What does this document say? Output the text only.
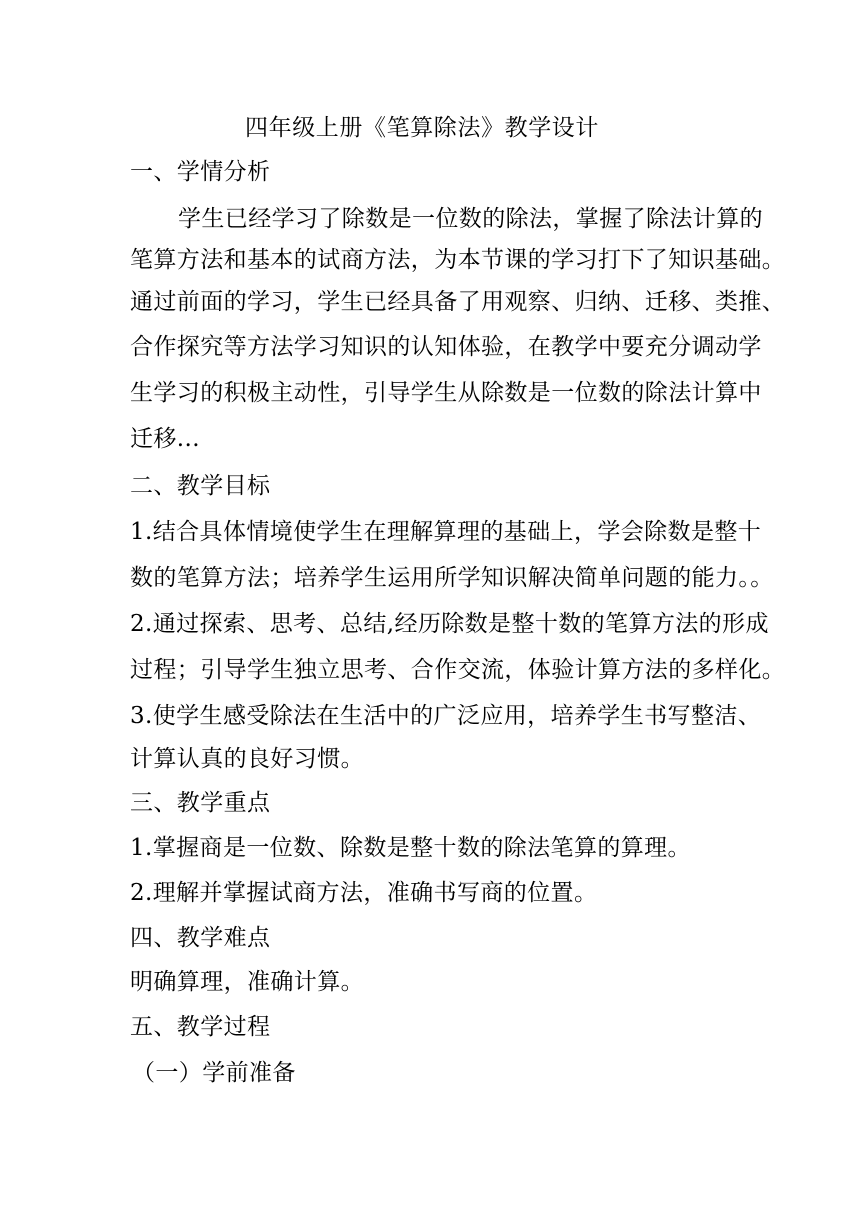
四年级上册《笔算除法》教学设计
一、学情分析
学生已经学习了除数是一位数的除法，掌握了除法计算的
笔算方法和基本的试商方法，为本节课的学习打下了知识基础。
通过前面的学习，学生已经具备了用观察、归纳、迁移、类推、
合作探究等方法学习知识的认知体验，在教学中要充分调动学
生学习的积极主动性，引导学生从除数是一位数的除法计算中
迁移...
二、教学目标
1.结合具体情境使学生在理解算理的基础上，学会除数是整十
数的笔算方法；培养学生运用所学知识解决简单问题的能力。。
2.通过探索、思考、总结,经历除数是整十数的笔算方法的形成
过程；引导学生独立思考、合作交流，体验计算方法的多样化。
3.使学生感受除法在生活中的广泛应用，培养学生书写整洁、
计算认真的良好习惯。
三、教学重点
1.掌握商是一位数、除数是整十数的除法笔算的算理。
2.理解并掌握试商方法，准确书写商的位置。
四、教学难点
明确算理，准确计算。
五、教学过程
（一）学前准备
